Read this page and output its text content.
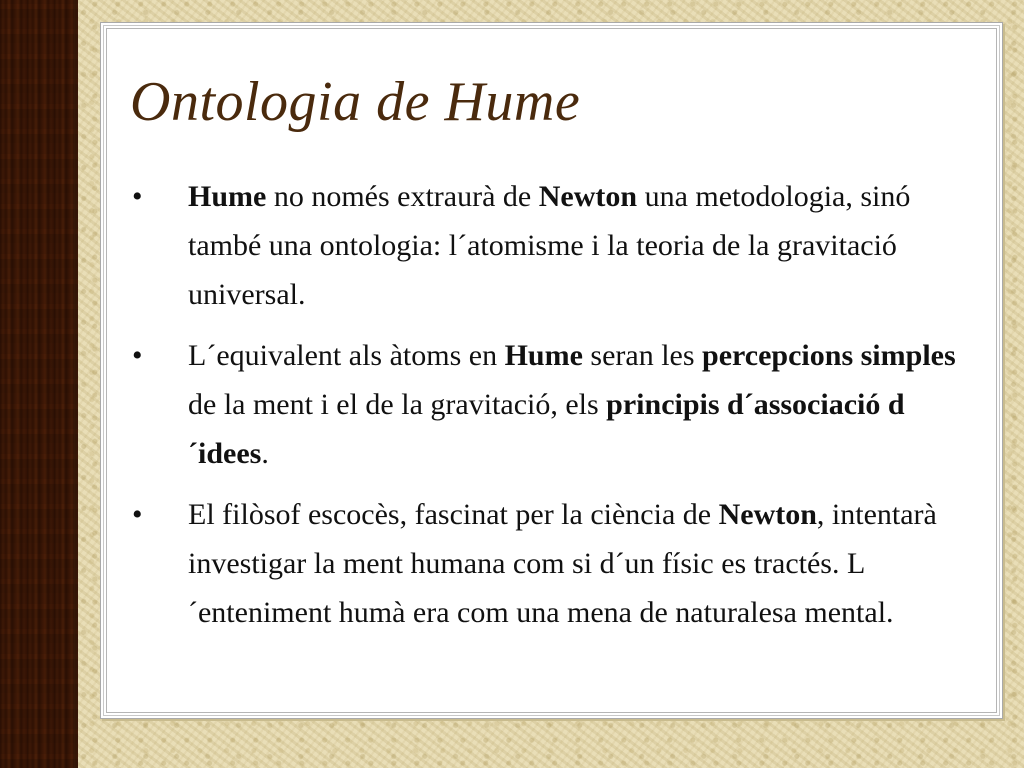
Ontologia de Hume
•	Hume no només extraurà de Newton una metodologia, sinó també una ontologia: l´atomisme i la teoria de la gravitació universal.
•	L´equivalent als àtoms en Hume seran les percepcions simples de la ment i el de la gravitació, els principis d´associació d´idees.
•	El filòsof escocès, fascinat per la ciència de Newton, intentarà investigar la ment humana com si d´un físic es tractés. L´enteniment humà era com una mena de naturalesa mental.
